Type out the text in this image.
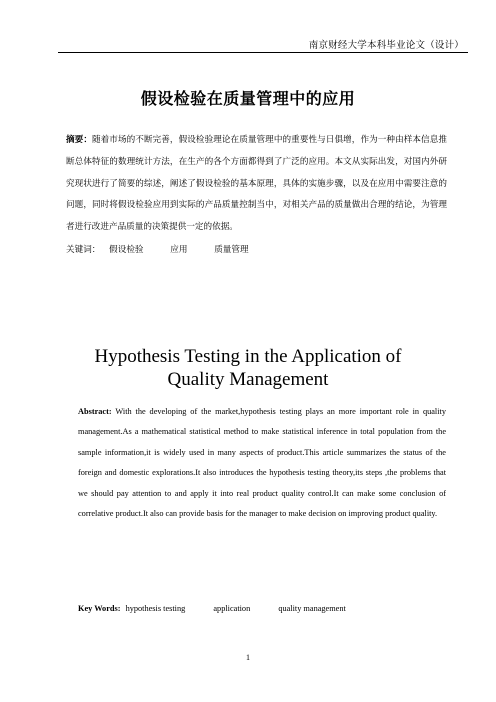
南京财经大学本科毕业论文（设计）
假设检验在质量管理中的应用
摘要：随着市场的不断完善，假设检验理论在质量管理中的重要性与日俱增，作为一种由样本信息推断总体特征的数理统计方法，在生产的各个方面都得到了广泛的应用。本文从实际出发，对国内外研究现状进行了简要的综述，阐述了假设检验的基本原理，具体的实施步骤，以及在应用中需要注意的问题，同时将假设检验应用到实际的产品质量控制当中，对相关产品的质量做出合理的结论，为管理者进行改进产品质量的决策提供一定的依据。
关键词： 假设检验	应用	质量管理
Hypothesis Testing in the Application of
Quality Management
Abstract: With the developing of the market,hypothesis testing plays an more important role in quality management.As a mathematical statistical method to make statistical inference in total population from the sample information,it is widely used in many aspects of product.This article summarizes the status of the foreign and domestic explorations.It also introduces the hypothesis testing theory,its steps ,the problems that we should pay attention to and apply it into real product quality control.It can make some conclusion of correlative product.It also can provide basis for the manager to make decision on improving product quality.
Key Words: hypothesis testing	application	quality management
1
